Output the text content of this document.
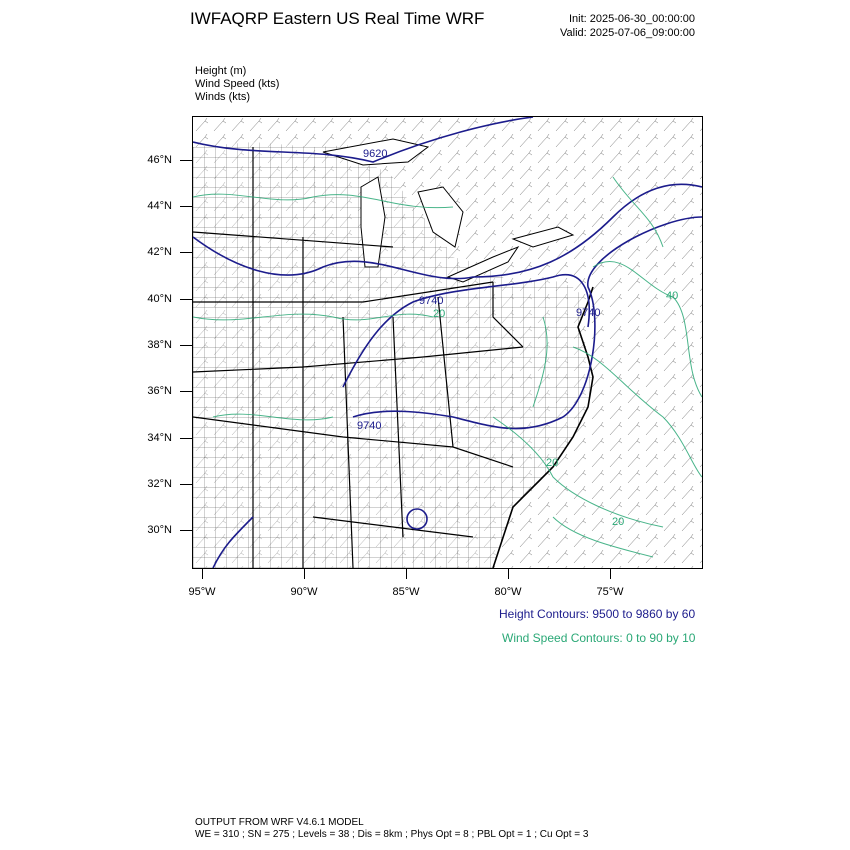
IWFAQRP Eastern US Real Time WRF	Init: 2025-06-30_00:00:00
Valid: 2025-07-06_09:00:00
Height (m)
Wind Speed (kts)
Winds (kts)
9620
9740
9740
9740
20
20
20
40
46°N
44°N
42°N
40°N
38°N
36°N
34°N
32°N
30°N
95°W	90°W	85°W	80°W	75°W
Height Contours: 9500 to 9860 by 60
Wind Speed Contours: 0 to 90 by 10
OUTPUT FROM WRF V4.6.1 MODEL
WE = 310 ; SN = 275 ; Levels = 38 ; Dis = 8km ; Phys Opt = 8 ; PBL Opt = 1 ; Cu Opt = 3
